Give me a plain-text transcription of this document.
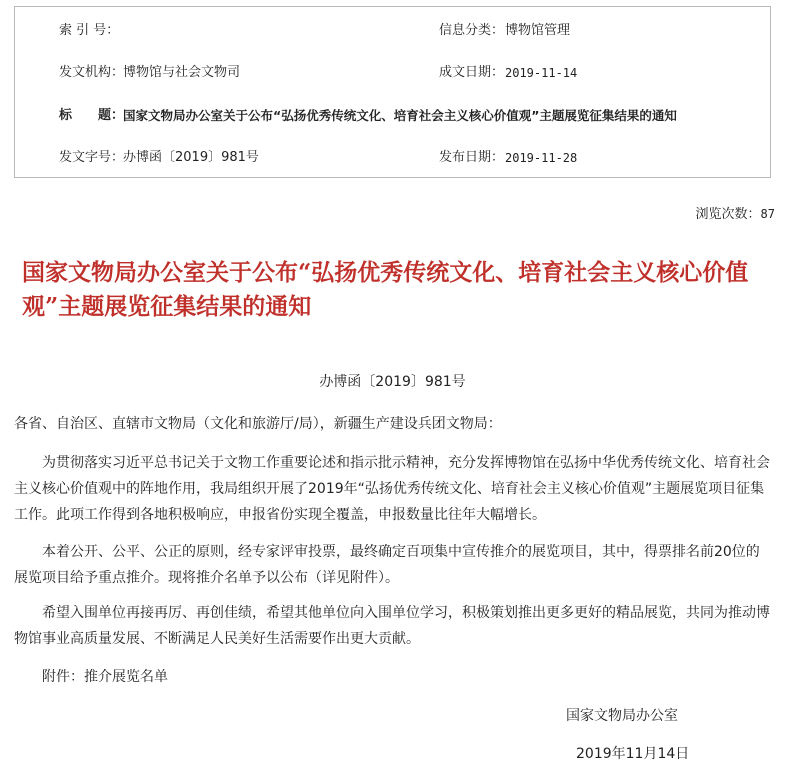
索 引 号：	信息分类： 博物馆管理
发文机构：
博物馆与社会文物司	成文日期： 2019-11-14
标　　题：
国家文物局办公室关于公布“弘扬优秀传统文化、培育社会主义核心价值观”主题展览征集结果的通知
发文字号：
办博函〔2019〕981号	发布日期： 2019-11-28
浏览次数：87
国家文物局办公室关于公布“弘扬优秀传统文化、培育社会主义核心价值观”主题展览征集结果的通知
办博函〔2019〕981号
各省、自治区、直辖市文物局（文化和旅游厅/局），新疆生产建设兵团文物局：
为贯彻落实习近平总书记关于文物工作重要论述和指示批示精神，充分发挥博物馆在弘扬中华优秀传统文化、培育社会主义核心价值观中的阵地作用，我局组织开展了2019年“弘扬优秀传统文化、培育社会主义核心价值观”主题展览项目征集工作。此项工作得到各地积极响应，申报省份实现全覆盖，申报数量比往年大幅增长。
本着公开、公平、公正的原则，经专家评审投票，最终确定百项集中宣传推介的展览项目，其中，得票排名前20位的展览项目给予重点推介。现将推介名单予以公布（详见附件）。
希望入围单位再接再厉、再创佳绩，希望其他单位向入围单位学习，积极策划推出更多更好的精品展览，共同为推动博物馆事业高质量发展、不断满足人民美好生活需要作出更大贡献。
附件：推介展览名单
国家文物局办公室
2019年11月14日
